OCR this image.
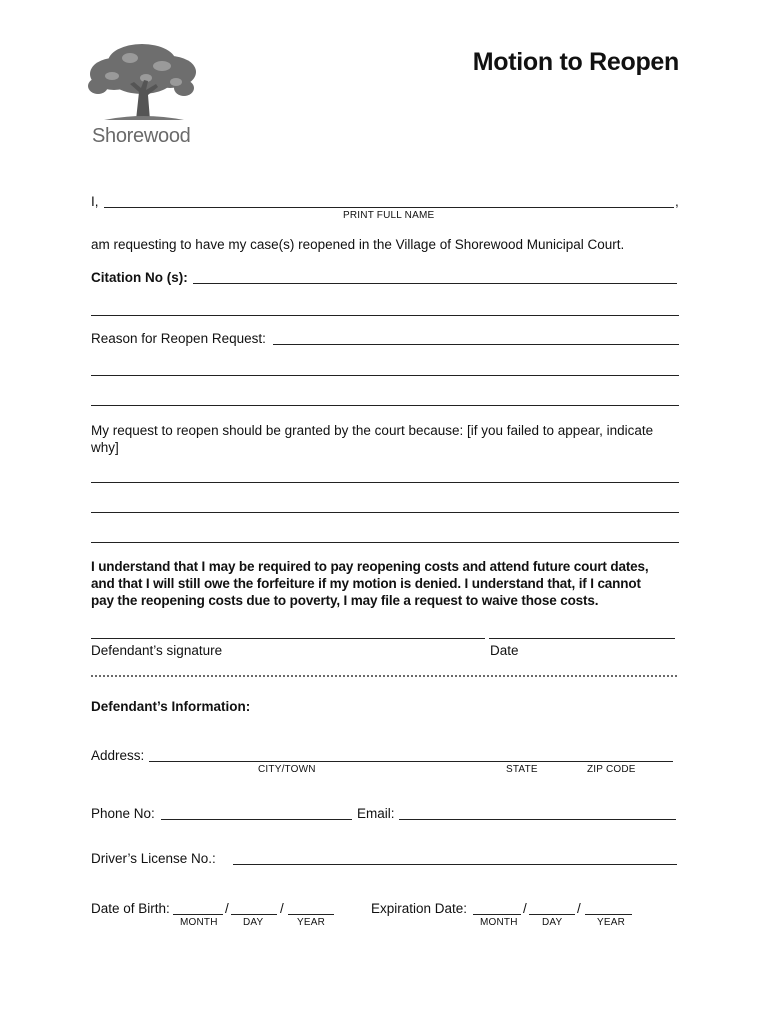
Shorewood
Motion to Reopen
I,	,
PRINT FULL NAME
am requesting to have my case(s) reopened in the Village of Shorewood Municipal Court.
Citation No (s):
Reason for Reopen Request:
My request to reopen should be granted by the court because: [if you failed to appear, indicate
why]
I understand that I may be required to pay reopening costs and attend future court dates,
and that I will still owe the forfeiture if my motion is denied. I understand that, if I cannot
pay the reopening costs due to poverty, I may file a request to waive those costs.
Defendant’s signature	Date
Defendant’s Information:
Address:
CITY/TOWN	STATE	ZIP CODE
Phone No:	Email:
Driver’s License No.:
Date of Birth:	/	/
MONTH	DAY	YEAR
Expiration Date:	/	/
MONTH DAY	YEAR
